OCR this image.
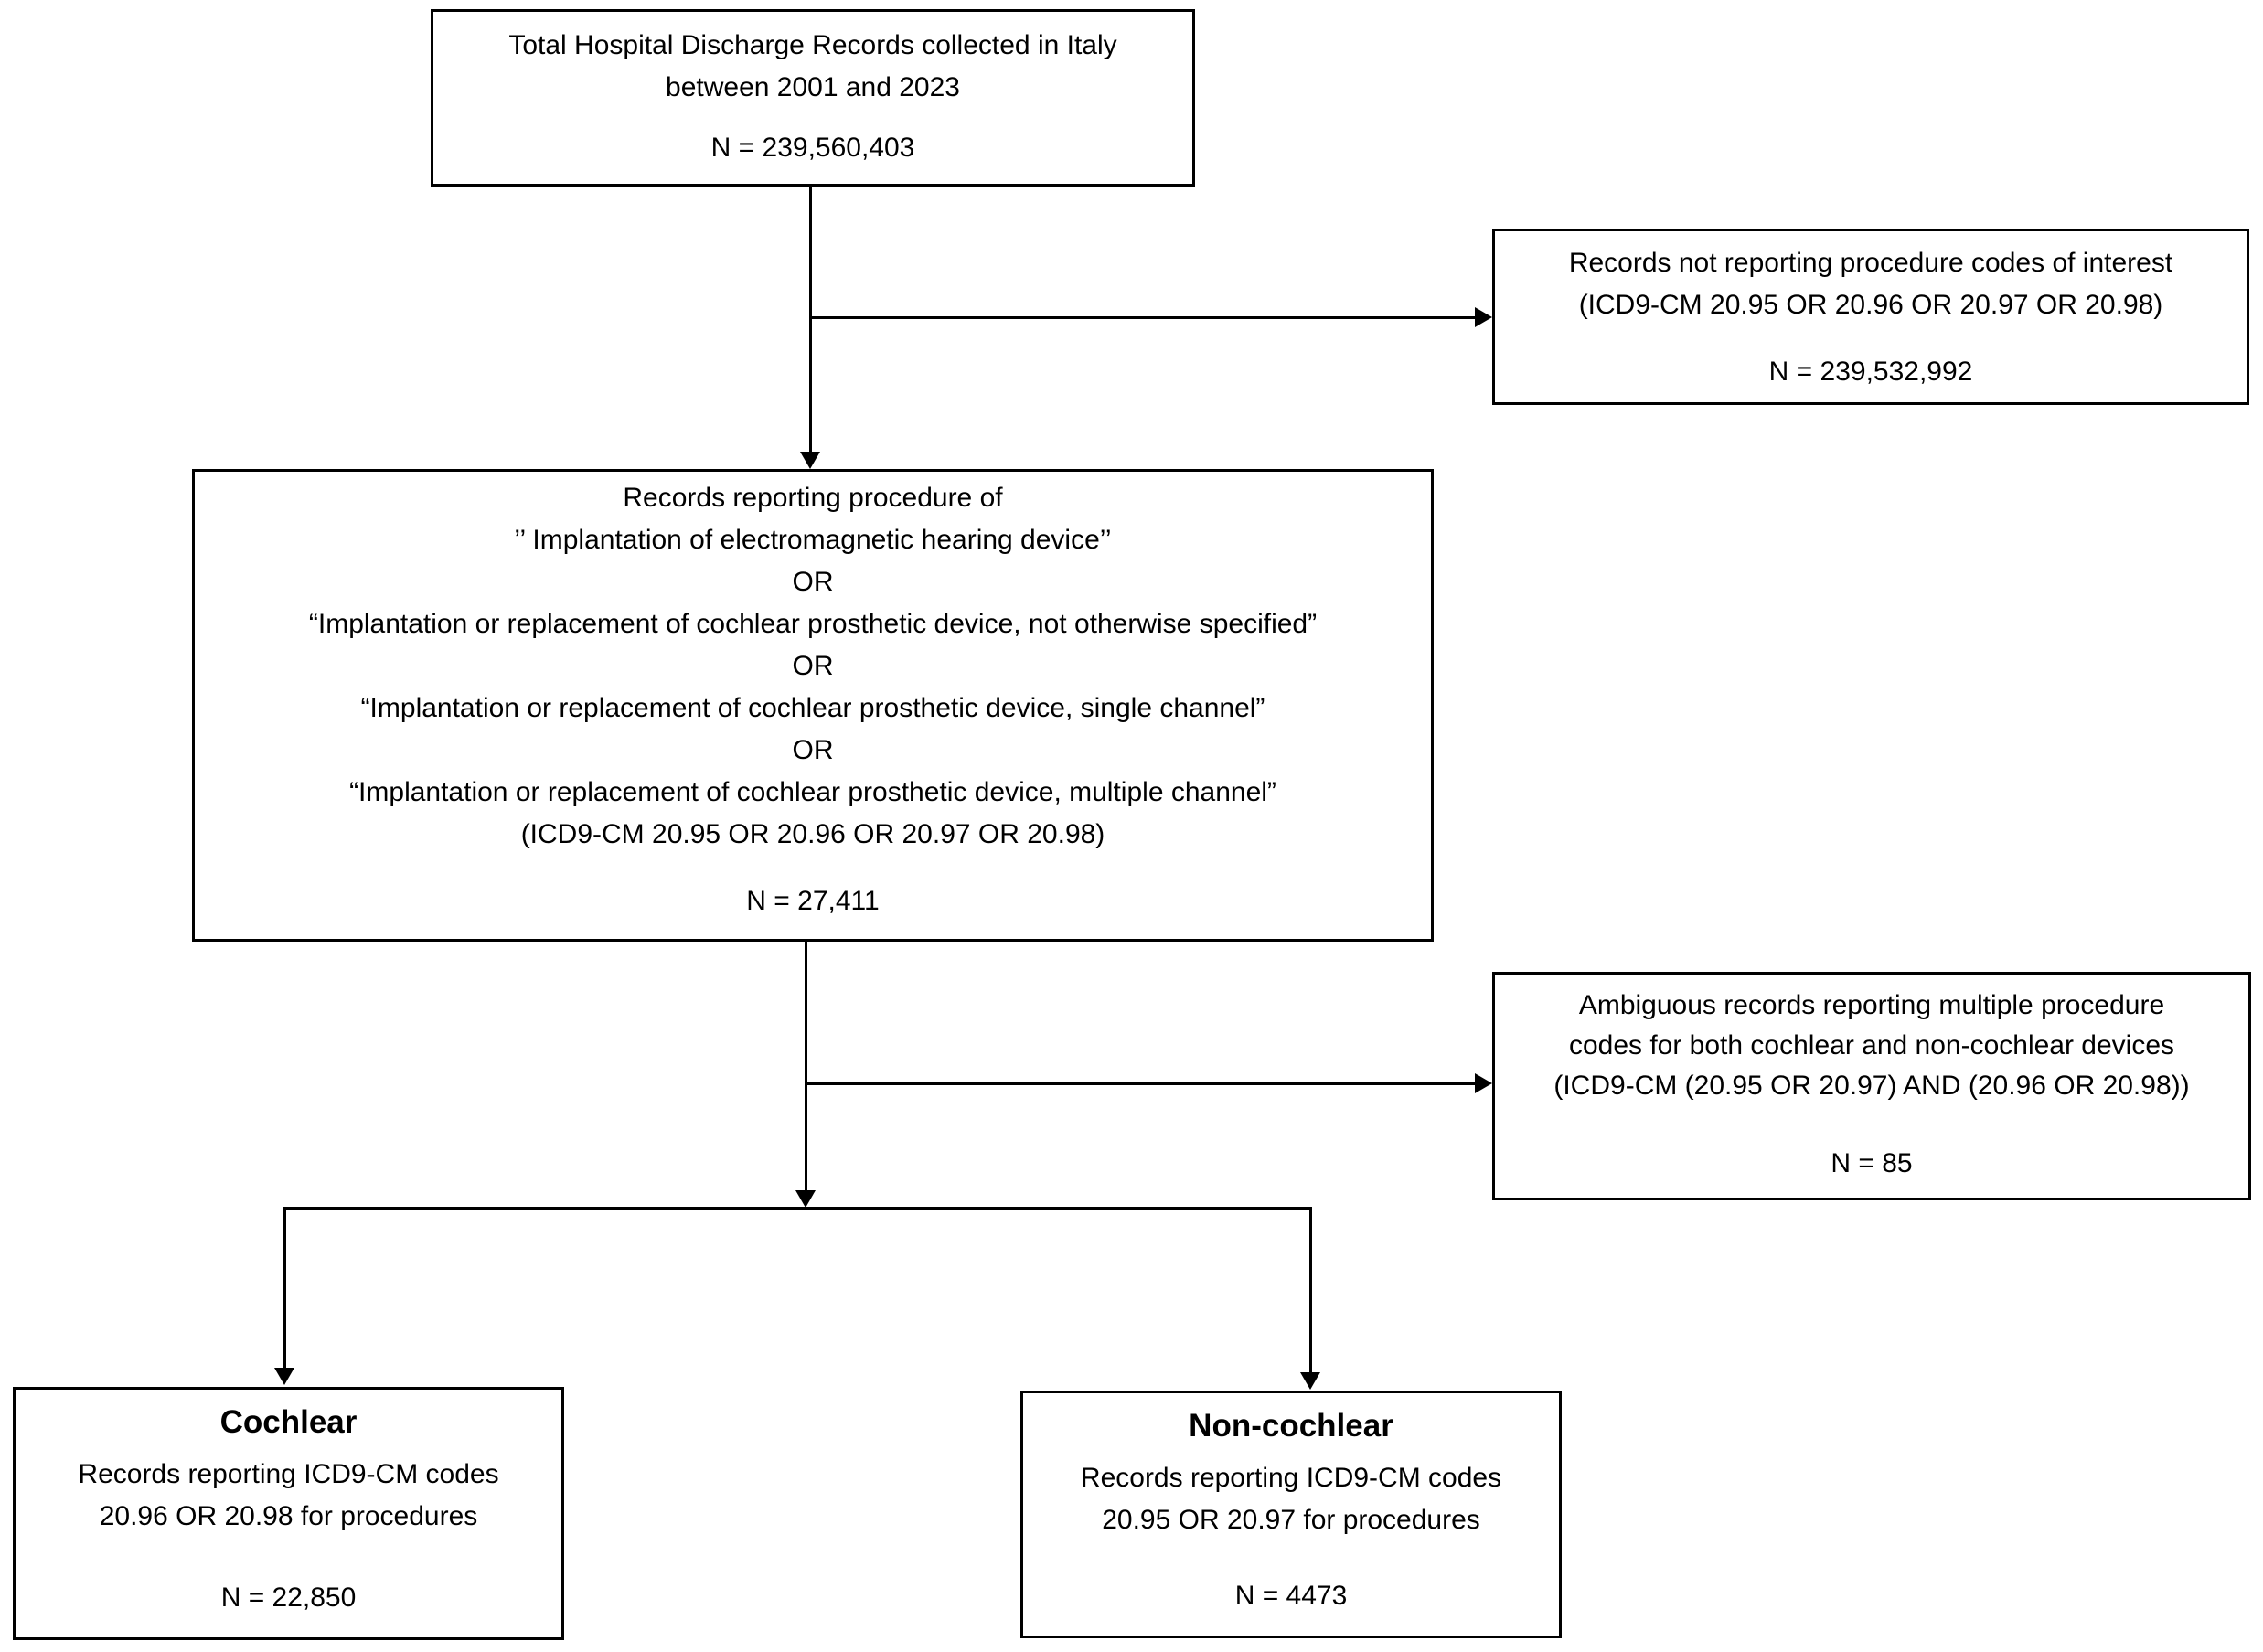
Total Hospital Discharge Records collected in Italy
between 2001 and 2023
N = 239,560,403
Records not reporting procedure codes of interest
(ICD9-CM 20.95 OR 20.96 OR 20.97 OR 20.98)
N = 239,532,992
Records reporting procedure of
’’ Implantation of electromagnetic hearing device’’
OR
“Implantation or replacement of cochlear prosthetic device, not otherwise specified”
OR
“Implantation or replacement of cochlear prosthetic device, single channel”
OR
“Implantation or replacement of cochlear prosthetic device, multiple channel”
(ICD9-CM 20.95 OR 20.96 OR 20.97 OR 20.98)
N = 27,411
Ambiguous records reporting multiple procedure
codes for both cochlear and non-cochlear devices
(ICD9-CM (20.95 OR 20.97) AND (20.96 OR 20.98))
N = 85
Cochlear
Records reporting ICD9-CM codes
20.96 OR 20.98 for procedures
N = 22,850
Non-cochlear
Records reporting ICD9-CM codes
20.95 OR 20.97 for procedures
N = 4473
